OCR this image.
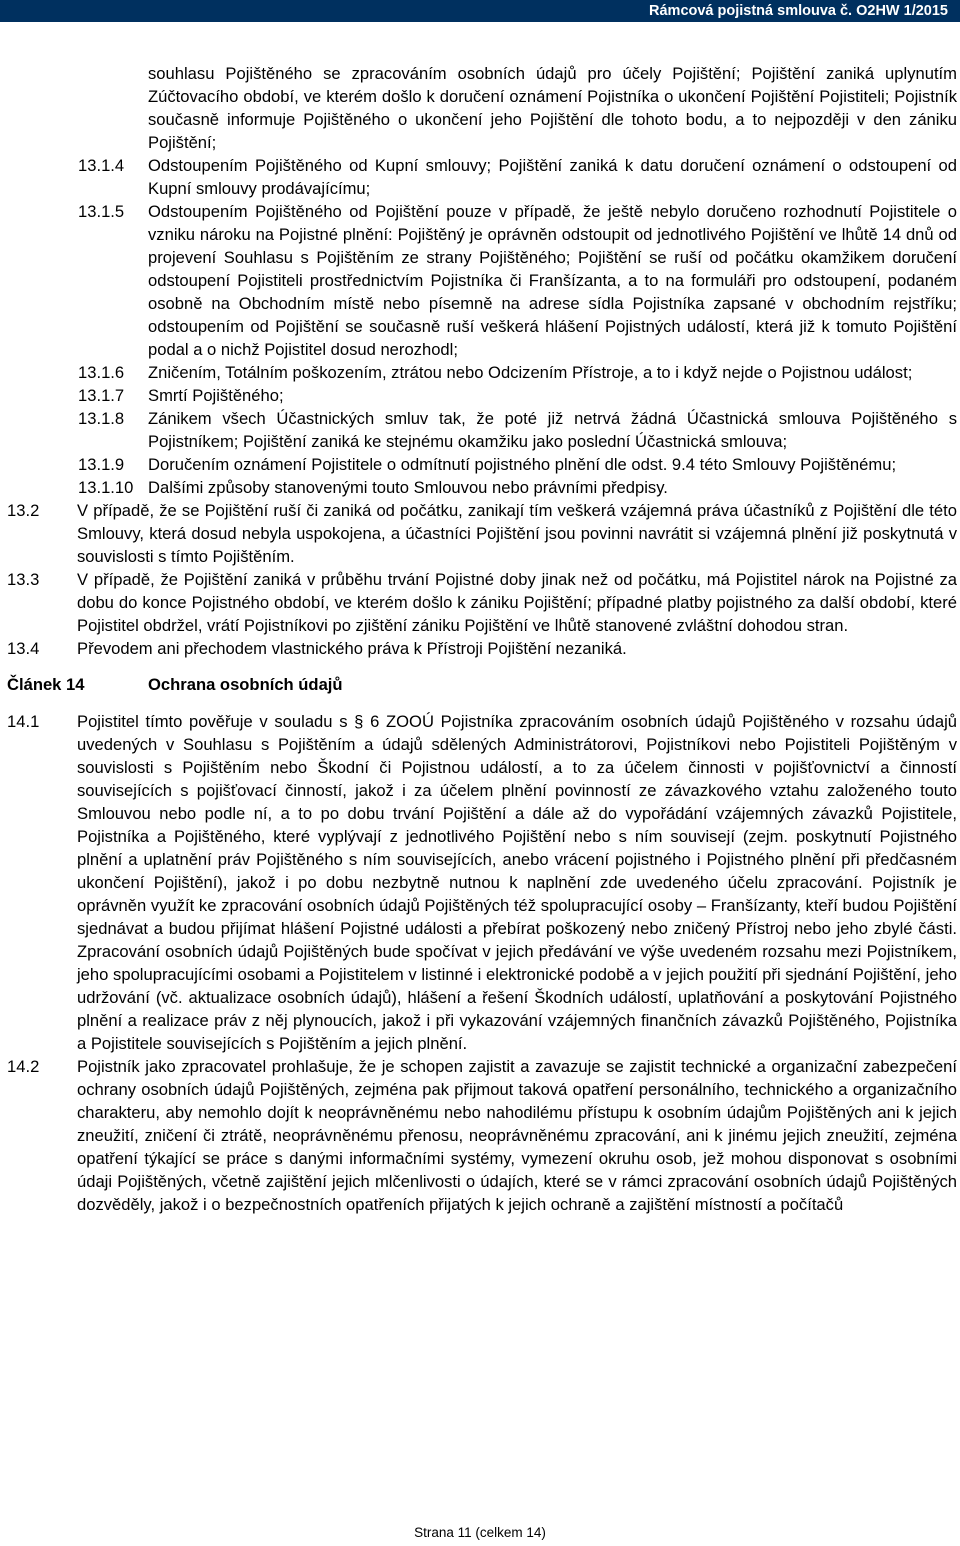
Rámcová pojistná smlouva č. O2HW 1/2015

souhlasu Pojištěného se zpracováním osobních údajů pro účely Pojištění; Pojištění zaniká uplynutím Zúčtovacího období, ve kterém došlo k doručení oznámení Pojistníka o ukončení Pojištění Pojistiteli; Pojistník současně informuje Pojištěného o ukončení jeho Pojištění dle tohoto bodu, a to nejpozději v den zániku Pojištění;

13.1.4 Odstoupením Pojištěného od Kupní smlouvy; Pojištění zaniká k datu doručení oznámení o odstoupení od Kupní smlouvy prodávajícímu;
13.1.5 Odstoupením Pojištěného od Pojištění pouze v případě, že ještě nebylo doručeno rozhodnutí Pojistitele o vzniku nároku na Pojistné plnění: Pojištěný je oprávněn odstoupit od jednotlivého Pojištění ve lhůtě 14 dnů od projevení Souhlasu s Pojištěním ze strany Pojištěného; Pojištění se ruší od počátku okamžikem doručení odstoupení Pojistiteli prostřednictvím Pojistníka či Franšízanta, a to na formuláři pro odstoupení, podaném osobně na Obchodním místě nebo písemně na adrese sídla Pojistníka zapsané v obchodním rejstříku; odstoupením od Pojištění se současně ruší veškerá hlášení Pojistných událostí, která již k tomuto Pojištění podal a o nichž Pojistitel dosud nerozhodl;
13.1.6 Zničením, Totálním poškozením, ztrátou nebo Odcizením Přístroje, a to i když nejde o Pojistnou událost;
13.1.7 Smrtí Pojištěného;
13.1.8 Zánikem všech Účastnických smluv tak, že poté již netrvá žádná Účastnická smlouva Pojištěného s Pojistníkem; Pojištění zaniká ke stejnému okamžiku jako poslední Účastnická smlouva;
13.1.9 Doručením oznámení Pojistitele o odmítnutí pojistného plnění dle odst. 9.4 této Smlouvy Pojištěnému;
13.1.10 Dalšími způsoby stanovenými touto Smlouvou nebo právními předpisy.
13.2 V případě, že se Pojištění ruší či zaniká od počátku, zanikají tím veškerá vzájemná práva účastníků z Pojištění dle této Smlouvy, která dosud nebyla uspokojena, a účastníci Pojištění jsou povinni navrátit si vzájemná plnění již poskytnutá v souvislosti s tímto Pojištěním.
13.3 V případě, že Pojištění zaniká v průběhu trvání Pojistné doby jinak než od počátku, má Pojistitel nárok na Pojistné za dobu do konce Pojistného období, ve kterém došlo k zániku Pojištění; případné platby pojistného za další období, které Pojistitel obdržel, vrátí Pojistníkovi po zjištění zániku Pojištění ve lhůtě stanovené zvláštní dohodou stran.
13.4 Převodem ani přechodem vlastnického práva k Přístroji Pojištění nezaniká.
Článek 14	Ochrana osobních údajů
14.1 Pojistitel tímto pověřuje v souladu s § 6 ZOOÚ Pojistníka zpracováním osobních údajů Pojištěného v rozsahu údajů uvedených v Souhlasu s Pojištěním a údajů sdělených Administrátorovi, Pojistníkovi nebo Pojistiteli Pojištěným v souvislosti s Pojištěním nebo Škodní či Pojistnou událostí, a to za účelem činnosti v pojišťovnictví a činností souvisejících s pojišťovací činností, jakož i za účelem plnění povinností ze závazkového vztahu založeného touto Smlouvou nebo podle ní, a to po dobu trvání Pojištění a dále až do vypořádání vzájemných závazků Pojistitele, Pojistníka a Pojištěného, které vyplývají z jednotlivého Pojištění nebo s ním souvisejí (zejm. poskytnutí Pojistného plnění a uplatnění práv Pojištěného s ním souvisejících, anebo vrácení pojistného i Pojistného plnění při předčasném ukončení Pojištění), jakož i po dobu nezbytně nutnou k naplnění zde uvedeného účelu zpracování. Pojistník je oprávněn využít ke zpracování osobních údajů Pojištěných též spolupracující osoby – Franšízanty, kteří budou Pojištění sjednávat a budou přijímat hlášení Pojistné události a přebírat poškozený nebo zničený Přístroj nebo jeho zbylé části. Zpracování osobních údajů Pojištěných bude spočívat v jejich předávání ve výše uvedeném rozsahu mezi Pojistníkem, jeho spolupracujícími osobami a Pojistitelem v listinné i elektronické podobě a v jejich použití při sjednání Pojištění, jeho udržování (vč. aktualizace osobních údajů), hlášení a řešení Škodních událostí, uplatňování a poskytování Pojistného plnění a realizace práv z něj plynoucích, jakož i při vykazování vzájemných finančních závazků Pojištěného, Pojistníka a Pojistitele souvisejících s Pojištěním a jejich plnění.
14.2 Pojistník jako zpracovatel prohlašuje, že je schopen zajistit a zavazuje se zajistit technické a organizační zabezpečení ochrany osobních údajů Pojištěných, zejména pak přijmout taková opatření personálního, technického a organizačního charakteru, aby nemohlo dojít k neoprávněnému nebo nahodilému přístupu k osobním údajům Pojištěných ani k jejich zneužití, zničení či ztrátě, neoprávněnému přenosu, neoprávněnému zpracování, ani k jinému jejich zneužití, zejména opatření týkající se práce s danými informačními systémy, vymezení okruhu osob, jež mohou disponovat s osobními údaji Pojištěných, včetně zajištění jejich mlčenlivosti o údajích, které se v rámci zpracování osobních údajů Pojištěných dozvěděly, jakož i o bezpečnostních opatřeních přijatých k jejich ochraně a zajištění místností a počítačů
Strana 11 (celkem 14)
